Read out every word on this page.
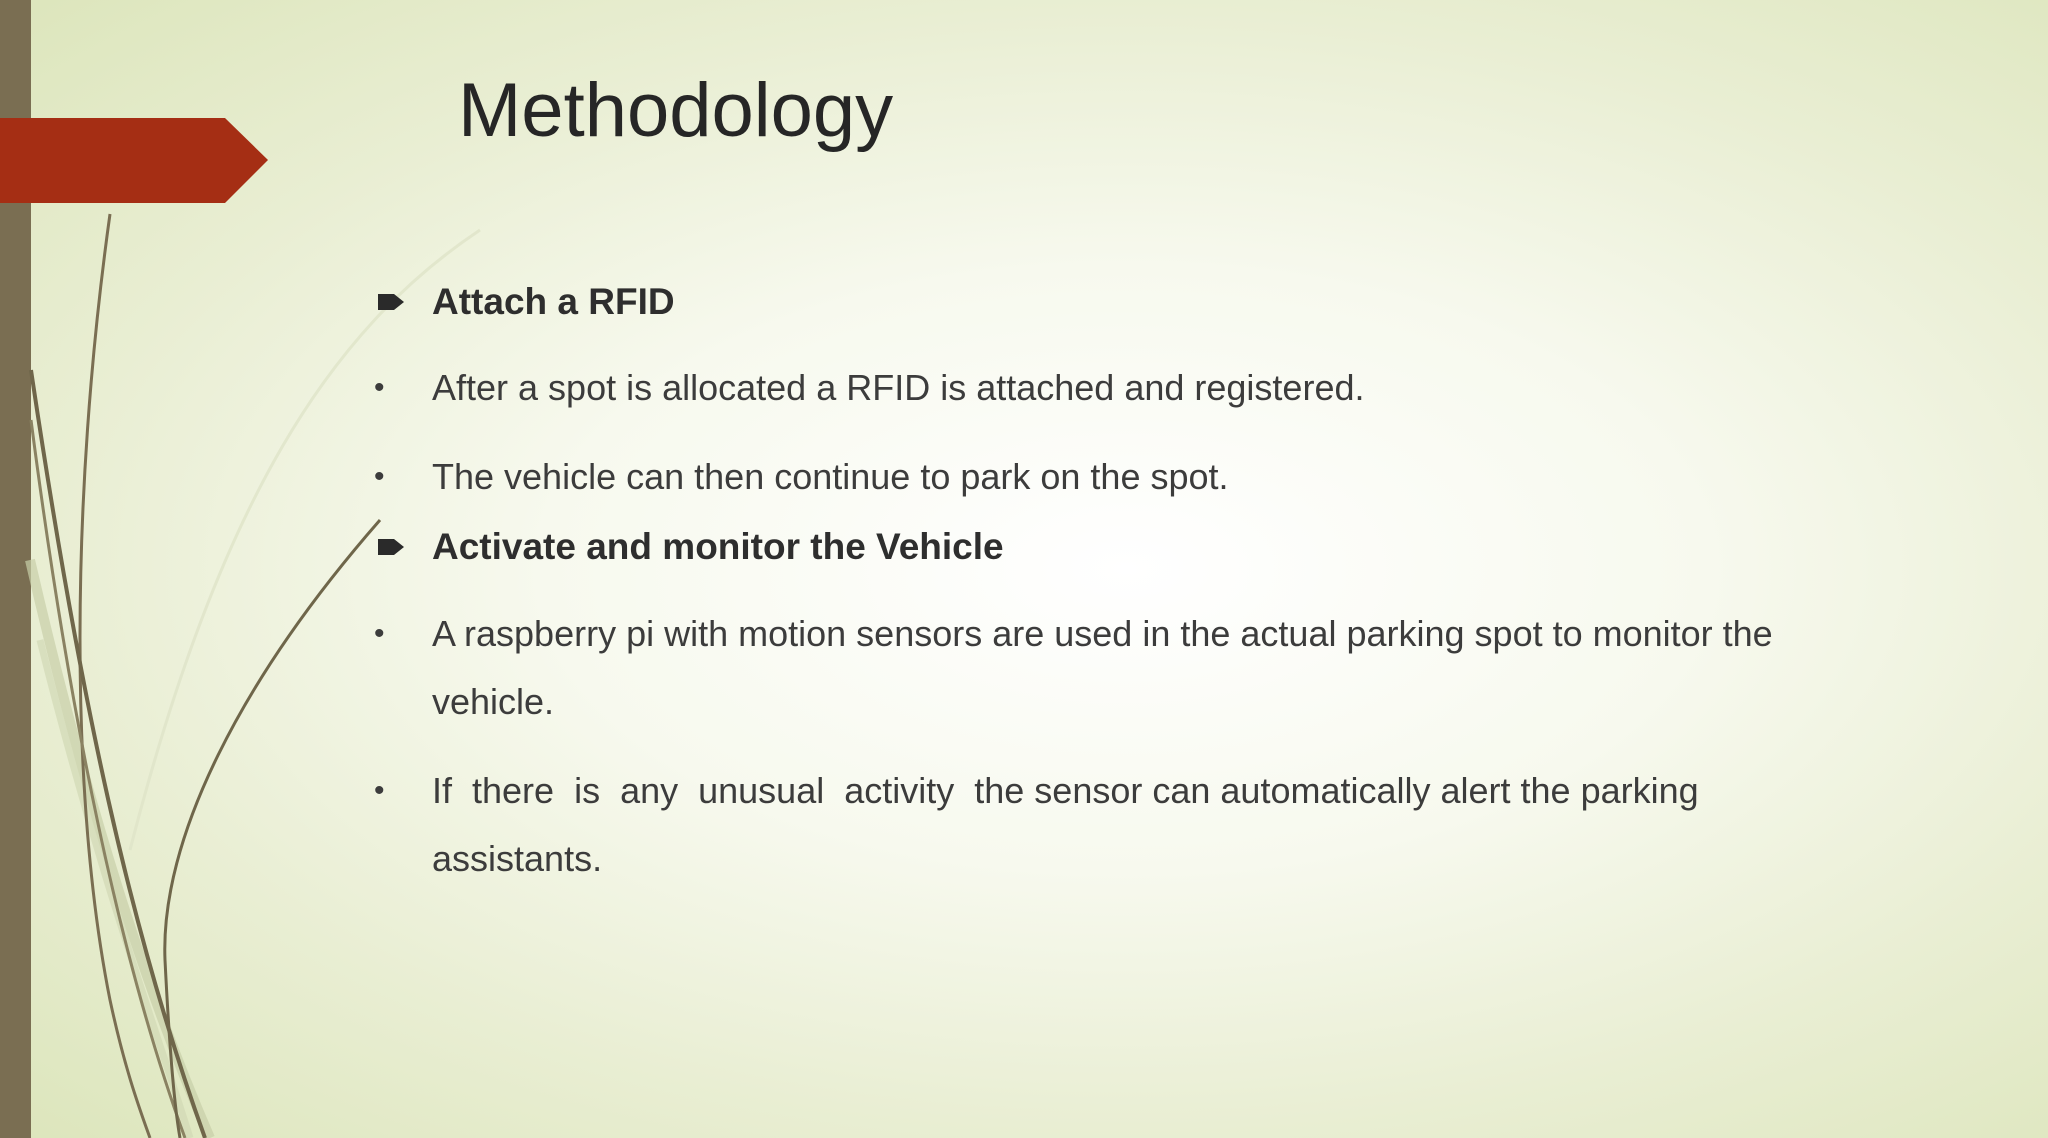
Methodology
Attach a RFID
•	After a spot is allocated a RFID is attached and registered.
•	The vehicle can then continue to park on the spot.
Activate and monitor the Vehicle
•	A raspberry pi with motion sensors are used in the actual parking spot to monitor the vehicle.
•	If  there  is  any  unusual  activity  the sensor can automatically alert the parking assistants.
